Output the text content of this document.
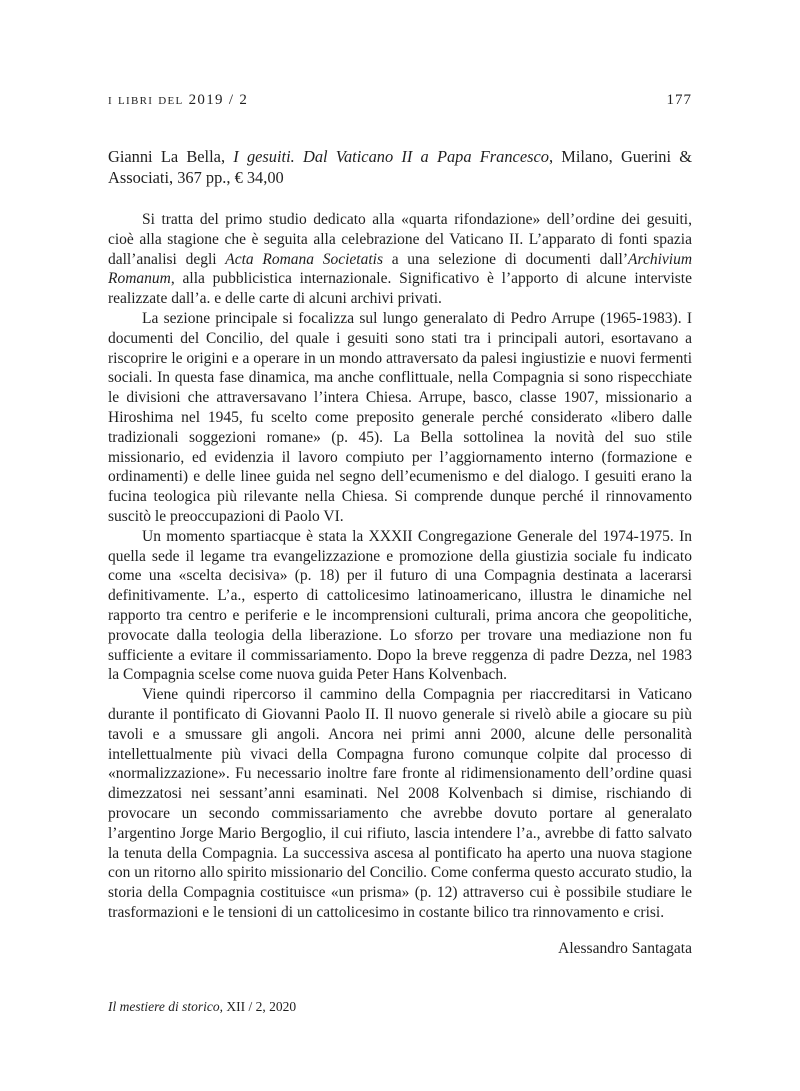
i libri del 2019 / 2	177
Gianni La Bella, I gesuiti. Dal Vaticano II a Papa Francesco, Milano, Guerini & Associati, 367 pp., € 34,00

Si tratta del primo studio dedicato alla «quarta rifondazione» dell’ordine dei gesuiti, cioè alla stagione che è seguita alla celebrazione del Vaticano II. L’apparato di fonti spazia dall’analisi degli Acta Romana Societatis a una selezione di documenti dall’Archivium Romanum, alla pubblicistica internazionale. Significativo è l’apporto di alcune interviste realizzate dall’a. e delle carte di alcuni archivi privati.

La sezione principale si focalizza sul lungo generalato di Pedro Arrupe (1965-1983). I documenti del Concilio, del quale i gesuiti sono stati tra i principali autori, esortavano a riscoprire le origini e a operare in un mondo attraversato da palesi ingiustizie e nuovi fermenti sociali. In questa fase dinamica, ma anche conflittuale, nella Compagnia si sono rispecchiate le divisioni che attraversavano l’intera Chiesa. Arrupe, basco, classe 1907, missionario a Hiroshima nel 1945, fu scelto come preposito generale perché considerato «libero dalle tradizionali soggezioni romane» (p. 45). La Bella sottolinea la novità del suo stile missionario, ed evidenzia il lavoro compiuto per l’aggiornamento interno (formazione e ordinamenti) e delle linee guida nel segno dell’ecumenismo e del dialogo. I gesuiti erano la fucina teologica più rilevante nella Chiesa. Si comprende dunque perché il rinnovamento suscitò le preoccupazioni di Paolo VI.

Un momento spartiacque è stata la XXXII Congregazione Generale del 1974-1975. In quella sede il legame tra evangelizzazione e promozione della giustizia sociale fu indicato come una «scelta decisiva» (p. 18) per il futuro di una Compagnia destinata a lacerarsi definitivamente. L’a., esperto di cattolicesimo latinoamericano, illustra le dinamiche nel rapporto tra centro e periferie e le incomprensioni culturali, prima ancora che geopolitiche, provocate dalla teologia della liberazione. Lo sforzo per trovare una mediazione non fu sufficiente a evitare il commissariamento. Dopo la breve reggenza di padre Dezza, nel 1983 la Compagnia scelse come nuova guida Peter Hans Kolvenbach.

Viene quindi ripercorso il cammino della Compagnia per riaccreditarsi in Vaticano durante il pontificato di Giovanni Paolo II. Il nuovo generale si rivelò abile a giocare su più tavoli e a smussare gli angoli. Ancora nei primi anni 2000, alcune delle personalità intellettualmente più vivaci della Compagna furono comunque colpite dal processo di «normalizzazione». Fu necessario inoltre fare fronte al ridimensionamento dell’ordine quasi dimezzatosi nei sessant’anni esaminati. Nel 2008 Kolvenbach si dimise, rischiando di provocare un secondo commissariamento che avrebbe dovuto portare al generalato l’argentino Jorge Mario Bergoglio, il cui rifiuto, lascia intendere l’a., avrebbe di fatto salvato la tenuta della Compagnia. La successiva ascesa al pontificato ha aperto una nuova stagione con un ritorno allo spirito missionario del Concilio. Come conferma questo accurato studio, la storia della Compagnia costituisce «un prisma» (p. 12) attraverso cui è possibile studiare le trasformazioni e le tensioni di un cattolicesimo in costante bilico tra rinnovamento e crisi.

Alessandro Santagata
Il mestiere di storico, XII / 2, 2020
